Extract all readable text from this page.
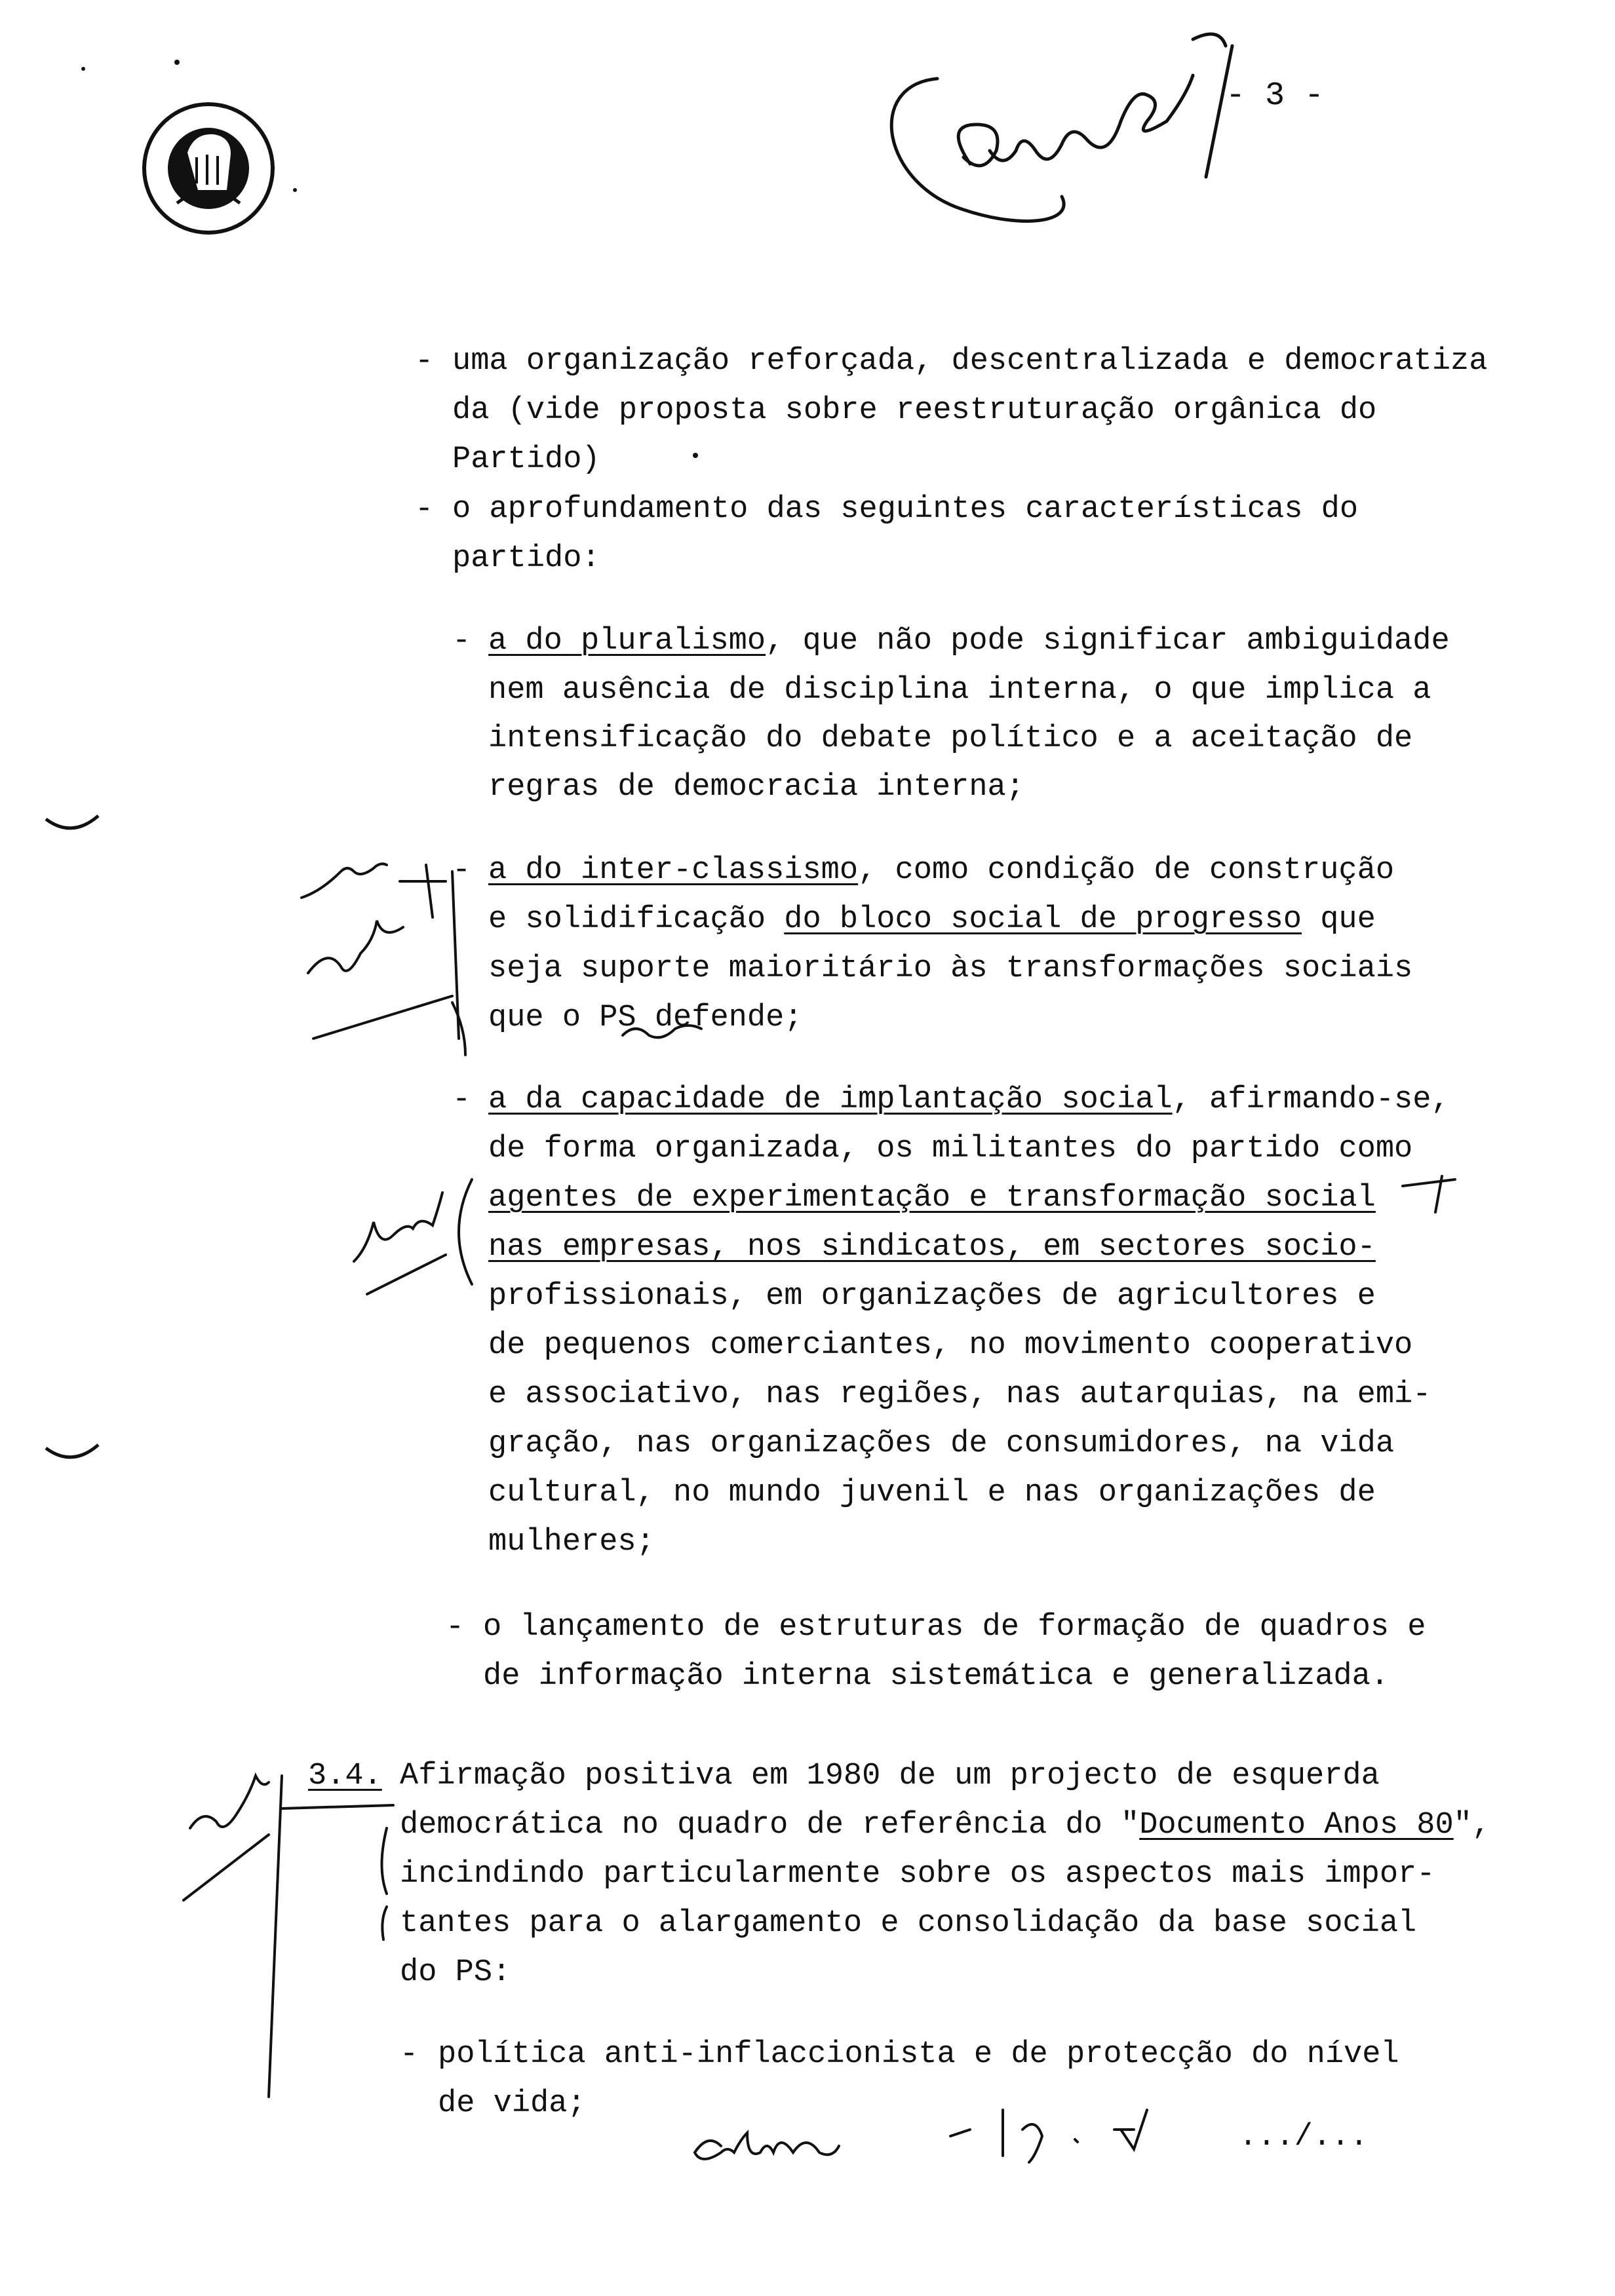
- 3 -
- uma organização reforçada, descentralizada e democratiza
da (vide proposta sobre reestruturação orgânica do
Partido)
- o aprofundamento das seguintes características do
partido:
- a do pluralismo, que não pode significar ambiguidade
nem ausência de disciplina interna, o que implica a
intensificação do debate político e a aceitação de
regras de democracia interna;
- a do inter-classismo, como condição de construção
e solidificação do bloco social de progresso que
seja suporte maioritário às transformações sociais
que o PS defende;
- a da capacidade de implantação social, afirmando-se,
de forma organizada, os militantes do partido como
agentes de experimentação e transformação social
nas empresas, nos sindicatos, em sectores socio-
profissionais, em organizações de agricultores e
de pequenos comerciantes, no movimento cooperativo
e associativo, nas regiões, nas autarquias, na emi-
gração, nas organizações de consumidores, na vida
cultural, no mundo juvenil e nas organizações de
mulheres;
- o lançamento de estruturas de formação de quadros e
de informação interna sistemática e generalizada.
3.4. Afirmação positiva em 1980 de um projecto de esquerda
democrática no quadro de referência do "Documento Anos 80",
incindindo particularmente sobre os aspectos mais impor-
tantes para o alargamento e consolidação da base social
do PS:
- política anti-inflaccionista e de protecção do nível
de vida;
.../...
